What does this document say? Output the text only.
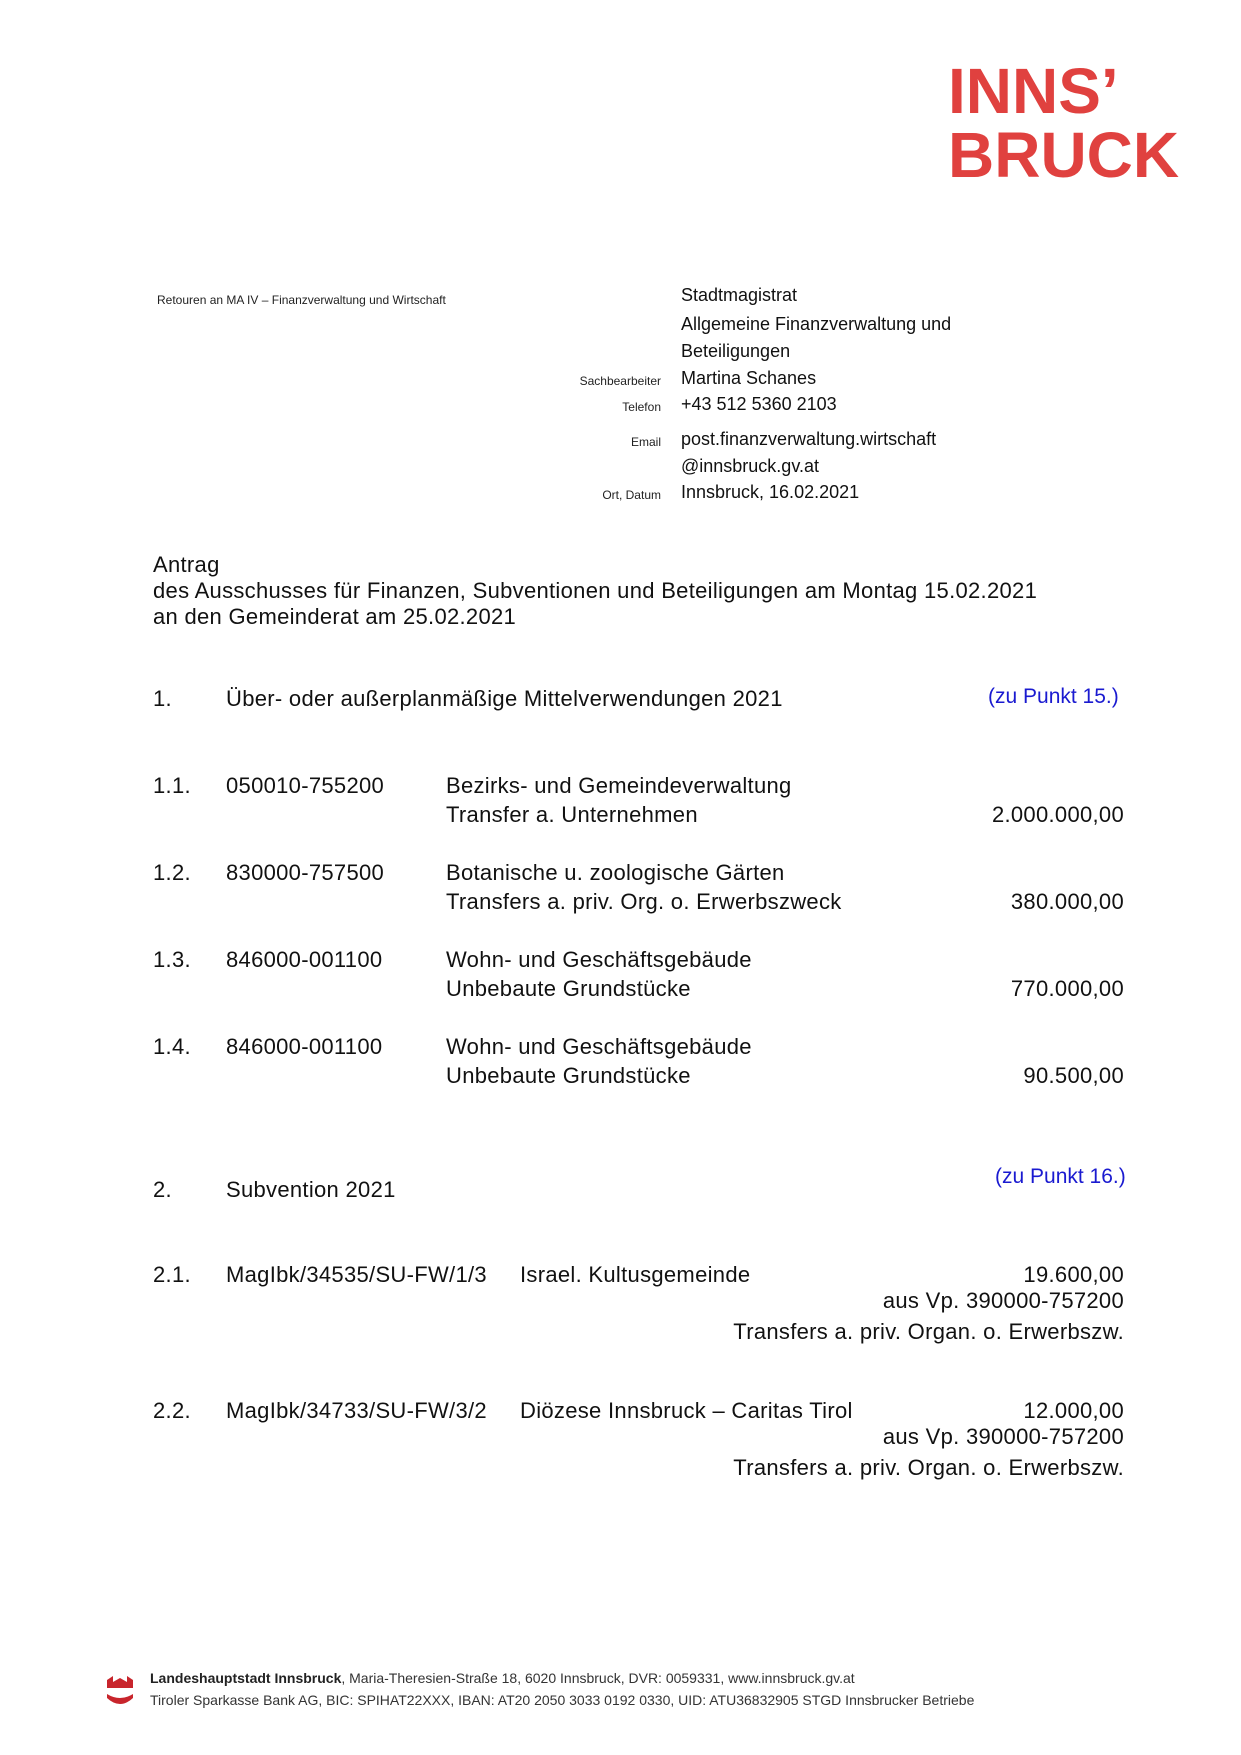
INNS’
BRUCK
Retouren an MA IV – Finanzverwaltung und Wirtschaft	Stadtmagistrat
Allgemeine Finanzverwaltung und
Beteiligungen
Sachbearbeiter Martina Schanes
Telefon +43 512 5360 2103
Email post.finanzverwaltung.wirtschaft
@innsbruck.gv.at
Ort, Datum Innsbruck, 16.02.2021
Antrag
des Ausschusses für Finanzen, Subventionen und Beteiligungen am Montag 15.02.2021
an den Gemeinderat am 25.02.2021
1. Über- oder außerplanmäßige Mittelverwendungen 2021	(zu Punkt 15.)
1.1. 050010-755200	Bezirks- und Gemeindeverwaltung
Transfer a. Unternehmen	2.000.000,00
1.2. 830000-757500	Botanische u. zoologische Gärten
Transfers a. priv. Org. o. Erwerbszweck	380.000,00
1.3. 846000-001100	Wohn- und Geschäftsgebäude
Unbebaute Grundstücke	770.000,00
1.4. 846000-001100	Wohn- und Geschäftsgebäude
Unbebaute Grundstücke	90.500,00
2. Subvention 2021
(zu Punkt 16.)
2.1. MagIbk/34535/SU-FW/1/3 Israel. Kultusgemeinde	19.600,00
aus Vp. 390000-757200
Transfers a. priv. Organ. o. Erwerbszw.
2.2. MagIbk/34733/SU-FW/3/2 Diözese Innsbruck – Caritas Tirol	12.000,00
aus Vp. 390000-757200
Transfers a. priv. Organ. o. Erwerbszw.
Landeshauptstadt Innsbruck, Maria-Theresien-Straße 18, 6020 Innsbruck, DVR: 0059331, www.innsbruck.gv.at
Tiroler Sparkasse Bank AG, BIC: SPIHAT22XXX, IBAN: AT20 2050 3033 0192 0330, UID: ATU36832905 STGD Innsbrucker Betriebe
